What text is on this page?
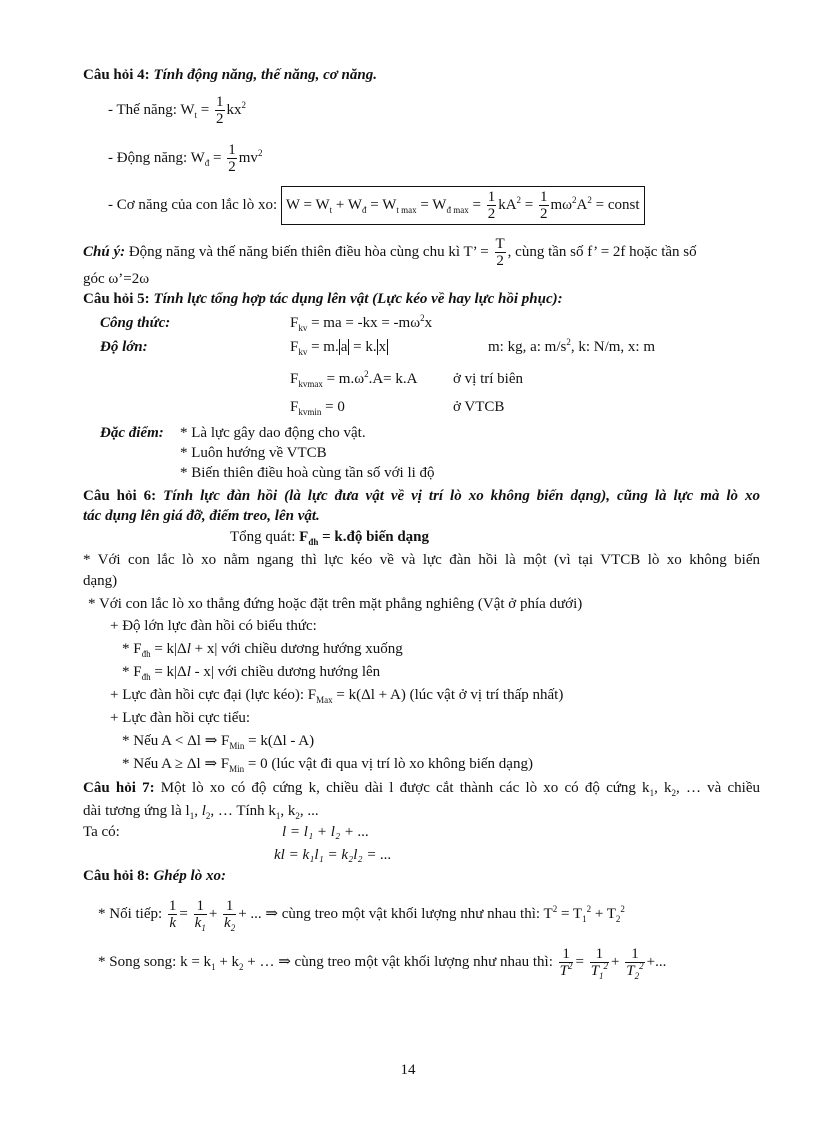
Câu hỏi 4: Tính động năng, thế năng, cơ năng.
- Thế năng: $W_t = \frac{1}{2} kx^2$
- Động năng: $W_đ = \frac{1}{2} mv^2$
- Cơ năng của con lắc lò xo: $W = W_t + W_đ = W_{t max} = W_{đ max} = \frac{1}{2} kA^2 = \frac{1}{2} m\omega^2A^2$ = const
Chú ý: Động năng và thế năng biến thiên điều hòa cùng chu kì T’ = $\frac{T}{2}$ , cùng tần số f’ = 2f hoặc tần số
góc ω’=2ω
Câu hỏi 5: Tính lực tổng hợp tác dụng lên vật (Lực kéo về hay lực hồi phục):
Công thức:	$F_{kv}$ = ma = $-kx = -m\omega^2x$
Độ lớn:	$F_{kv} = m$. a = k. x	m: kg, a: $m/s^2$, k: N/m, x: m
$F_{kvmax} = m.\omega^2.A= k.A$ ở vị trí biên
$F_{kvmin} = 0$	ở VTCB
Đặc điểm: * Là lực gây dao động cho vật.
* Luôn hướng về VTCB
* Biến thiên điều hoà cùng tần số với li độ
Câu hỏi 6: Tính lực đàn hồi (là lực đưa vật về vị trí lò xo không biến dạng), cũng là lực mà lò xo
tác dụng lên giá đỡ, điểm treo, lên vật.
Tổng quát: $F_{đh}$ = k.độ biến dạng
* Với con lắc lò xo nằm ngang thì lực kéo về và lực đàn hồi là một (vì tại VTCB lò xo không biến
dạng)
* Với con lắc lò xo thẳng đứng hoặc đặt trên mặt phẳng nghiêng (Vật ở phía dưới)
+ Độ lớn lực đàn hồi có biểu thức:
* $F_{đh} = k|\Delta l + x|$ với chiều dương hướng xuống
* $F_{đh} = k|\Delta l - x|$ với chiều dương hướng lên
+ Lực đàn hồi cực đại (lực kéo): $F_{Max} = k(\Delta l + A)$ (lúc vật ở vị trí thấp nhất)
+ Lực đàn hồi cực tiểu:
* Nếu A < Δl ⇒ $F_{Min} = k(\Delta l - A)$
* Nếu A ≥ Δl ⇒ $F_{Min} = 0$ (lúc vật đi qua vị trí lò xo không biến dạng)
Câu hỏi 7: Một lò xo có độ cứng k, chiều dài l được cắt thành các lò xo có độ cứng $k_1$, $k_2$, … và chiều
dài tương ứng là $l_1$, $l_2$, … Tính $k_1$, $k_2$, ...
Ta có:	l = l₁ + l₂ + ...
kl = k₁l₁ = k₂l₂ = ...
Câu hỏi 8: Ghép lò xo:
* Nối tiếp: $\frac{1}{k} = \frac{1}{k_1} + \frac{1}{k_2}$ + ... ⇒ cùng treo một vật khối lượng như nhau thì: $T^2 = T_1^2 + T_2^2$
* Song song: $k = k_1 + k_2$ + … ⇒ cùng treo một vật khối lượng như nhau thì: $\frac{1}{T^2} = \frac{1}{T_1^2} + \frac{1}{T_2^2}$ +...
14
